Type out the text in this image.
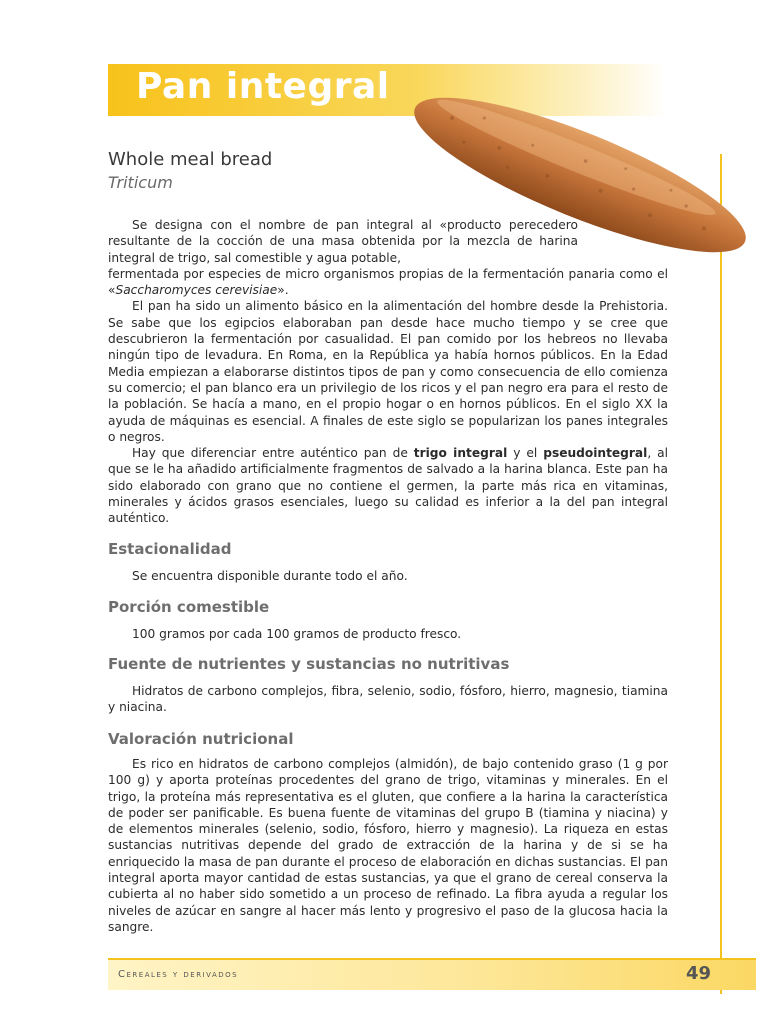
Pan integral
Whole meal bread
Triticum

Se designa con el nombre de pan integral al «producto perecedero resultante de la cocción de una masa obtenida por la mezcla de harina integral de trigo, sal comestible y agua potable,

fermentada por especies de micro organismos propias de la fermentación panaria como el «Saccharomyces cerevisiae».

El pan ha sido un alimento básico en la alimentación del hombre desde la Prehistoria. Se sabe que los egipcios elaboraban pan desde hace mucho tiempo y se cree que descubrieron la fermentación por casualidad. El pan comido por los hebreos no llevaba ningún tipo de levadura. En Roma, en la República ya había hornos públicos. En la Edad Media empiezan a elaborarse distintos tipos de pan y como consecuencia de ello comienza su comercio; el pan blanco era un privilegio de los ricos y el pan negro era para el resto de la población. Se hacía a mano, en el propio hogar o en hornos públicos. En el siglo XX la ayuda de máquinas es esencial. A finales de este siglo se popularizan los panes integrales o negros.

Hay que diferenciar entre auténtico pan de trigo integral y el pseudointegral, al que se le ha añadido artificialmente fragmentos de salvado a la harina blanca. Este pan ha sido elaborado con grano que no contiene el germen, la parte más rica en vitaminas, minerales y ácidos grasos esenciales, luego su calidad es inferior a la del pan integral auténtico.

Estacionalidad

Se encuentra disponible durante todo el año.

Porción comestible

100 gramos por cada 100 gramos de producto fresco.

Fuente de nutrientes y sustancias no nutritivas

Hidratos de carbono complejos, fibra, selenio, sodio, fósforo, hierro, magnesio, tiamina y niacina.

Valoración nutricional

Es rico en hidratos de carbono complejos (almidón), de bajo contenido graso (1 g por 100 g) y aporta proteínas procedentes del grano de trigo, vitaminas y minerales. En el trigo, la proteína más representativa es el gluten, que confiere a la harina la característica de poder ser panificable. Es buena fuente de vitaminas del grupo B (tiamina y niacina) y de elementos minerales (selenio, sodio, fósforo, hierro y magnesio). La riqueza en estas sustancias nutritivas depende del grado de extracción de la harina y de si se ha enriquecido la masa de pan durante el proceso de elaboración en dichas sustancias. El pan integral aporta mayor cantidad de estas sustancias, ya que el grano de cereal conserva la cubierta al no haber sido sometido a un proceso de refinado. La fibra ayuda a regular los niveles de azúcar en sangre al hacer más lento y progresivo el paso de la glucosa hacia la sangre.

Cereales y derivados	49
